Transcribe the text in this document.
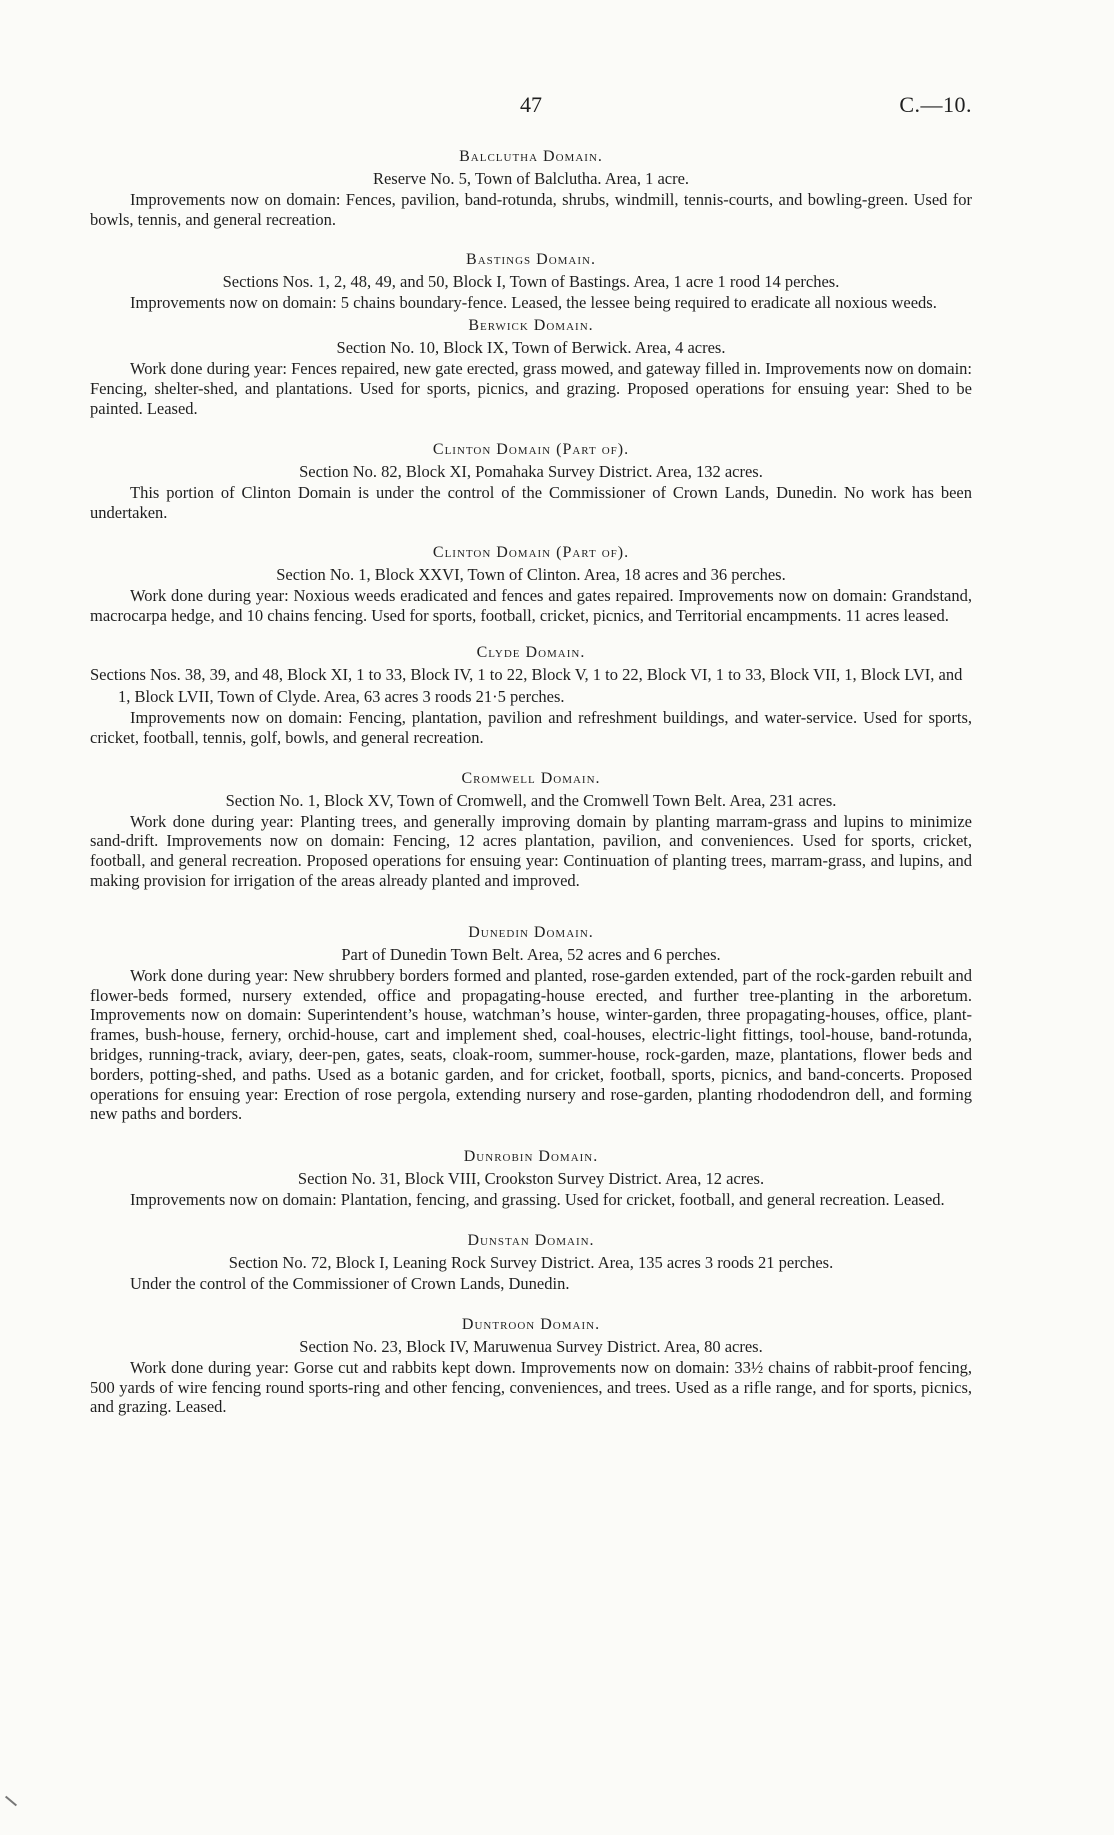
47	C.—10.

Balclutha Domain.

Reserve No. 5, Town of Balclutha. Area, 1 acre.

Improvements now on domain: Fences, pavilion, band-rotunda, shrubs, windmill, tennis-courts, and bowling-green. Used for bowls, tennis, and general recreation.

Bastings Domain.

Sections Nos. 1, 2, 48, 49, and 50, Block I, Town of Bastings. Area, 1 acre 1 rood 14 perches.

Improvements now on domain: 5 chains boundary-fence. Leased, the lessee being required to eradicate all noxious weeds.

Berwick Domain.

Section No. 10, Block IX, Town of Berwick. Area, 4 acres.

Work done during year: Fences repaired, new gate erected, grass mowed, and gateway filled in. Improvements now on domain: Fencing, shelter-shed, and plantations. Used for sports, picnics, and grazing. Proposed operations for ensuing year: Shed to be painted. Leased.

Clinton Domain (Part of).

Section No. 82, Block XI, Pomahaka Survey District. Area, 132 acres.

This portion of Clinton Domain is under the control of the Commissioner of Crown Lands, Dunedin. No work has been undertaken.

Clinton Domain (Part of).

Section No. 1, Block XXVI, Town of Clinton. Area, 18 acres and 36 perches.

Work done during year: Noxious weeds eradicated and fences and gates repaired. Improvements now on domain: Grandstand, macrocarpa hedge, and 10 chains fencing. Used for sports, football, cricket, picnics, and Territorial encampments. 11 acres leased.

Clyde Domain.

Sections Nos. 38, 39, and 48, Block XI, 1 to 33, Block IV, 1 to 22, Block V, 1 to 22, Block VI, 1 to 33, Block VII, 1, Block LVI, and 1, Block LVII, Town of Clyde. Area, 63 acres 3 roods 21·5 perches.

Improvements now on domain: Fencing, plantation, pavilion and refreshment buildings, and water-service. Used for sports, cricket, football, tennis, golf, bowls, and general recreation.

Cromwell Domain.

Section No. 1, Block XV, Town of Cromwell, and the Cromwell Town Belt. Area, 231 acres.

Work done during year: Planting trees, and generally improving domain by planting marram-grass and lupins to minimize sand-drift. Improvements now on domain: Fencing, 12 acres plantation, pavilion, and conveniences. Used for sports, cricket, football, and general recreation. Proposed operations for ensuing year: Continuation of planting trees, marram-grass, and lupins, and making provision for irrigation of the areas already planted and improved.

Dunedin Domain.

Part of Dunedin Town Belt. Area, 52 acres and 6 perches.

Work done during year: New shrubbery borders formed and planted, rose-garden extended, part of the rock-garden rebuilt and flower-beds formed, nursery extended, office and propagating-house erected, and further tree-planting in the arboretum. Improvements now on domain: Superintendent’s house, watchman’s house, winter-garden, three propagating-houses, office, plant-frames, bush-house, fernery, orchid-house, cart and implement shed, coal-houses, electric-light fittings, tool-house, band-rotunda, bridges, running-track, aviary, deer-pen, gates, seats, cloak-room, summer-house, rock-garden, maze, plantations, flower beds and borders, potting-shed, and paths. Used as a botanic garden, and for cricket, football, sports, picnics, and band-concerts. Proposed operations for ensuing year: Erection of rose pergola, extending nursery and rose-garden, planting rhododendron dell, and forming new paths and borders.

Dunrobin Domain.

Section No. 31, Block VIII, Crookston Survey District. Area, 12 acres.

Improvements now on domain: Plantation, fencing, and grassing. Used for cricket, football, and general recreation. Leased.

Dunstan Domain.

Section No. 72, Block I, Leaning Rock Survey District. Area, 135 acres 3 roods 21 perches.

Under the control of the Commissioner of Crown Lands, Dunedin.

Duntroon Domain.

Section No. 23, Block IV, Maruwenua Survey District. Area, 80 acres.

Work done during year: Gorse cut and rabbits kept down. Improvements now on domain: 33½ chains of rabbit-proof fencing, 500 yards of wire fencing round sports-ring and other fencing, conveniences, and trees. Used as a rifle range, and for sports, picnics, and grazing. Leased.
